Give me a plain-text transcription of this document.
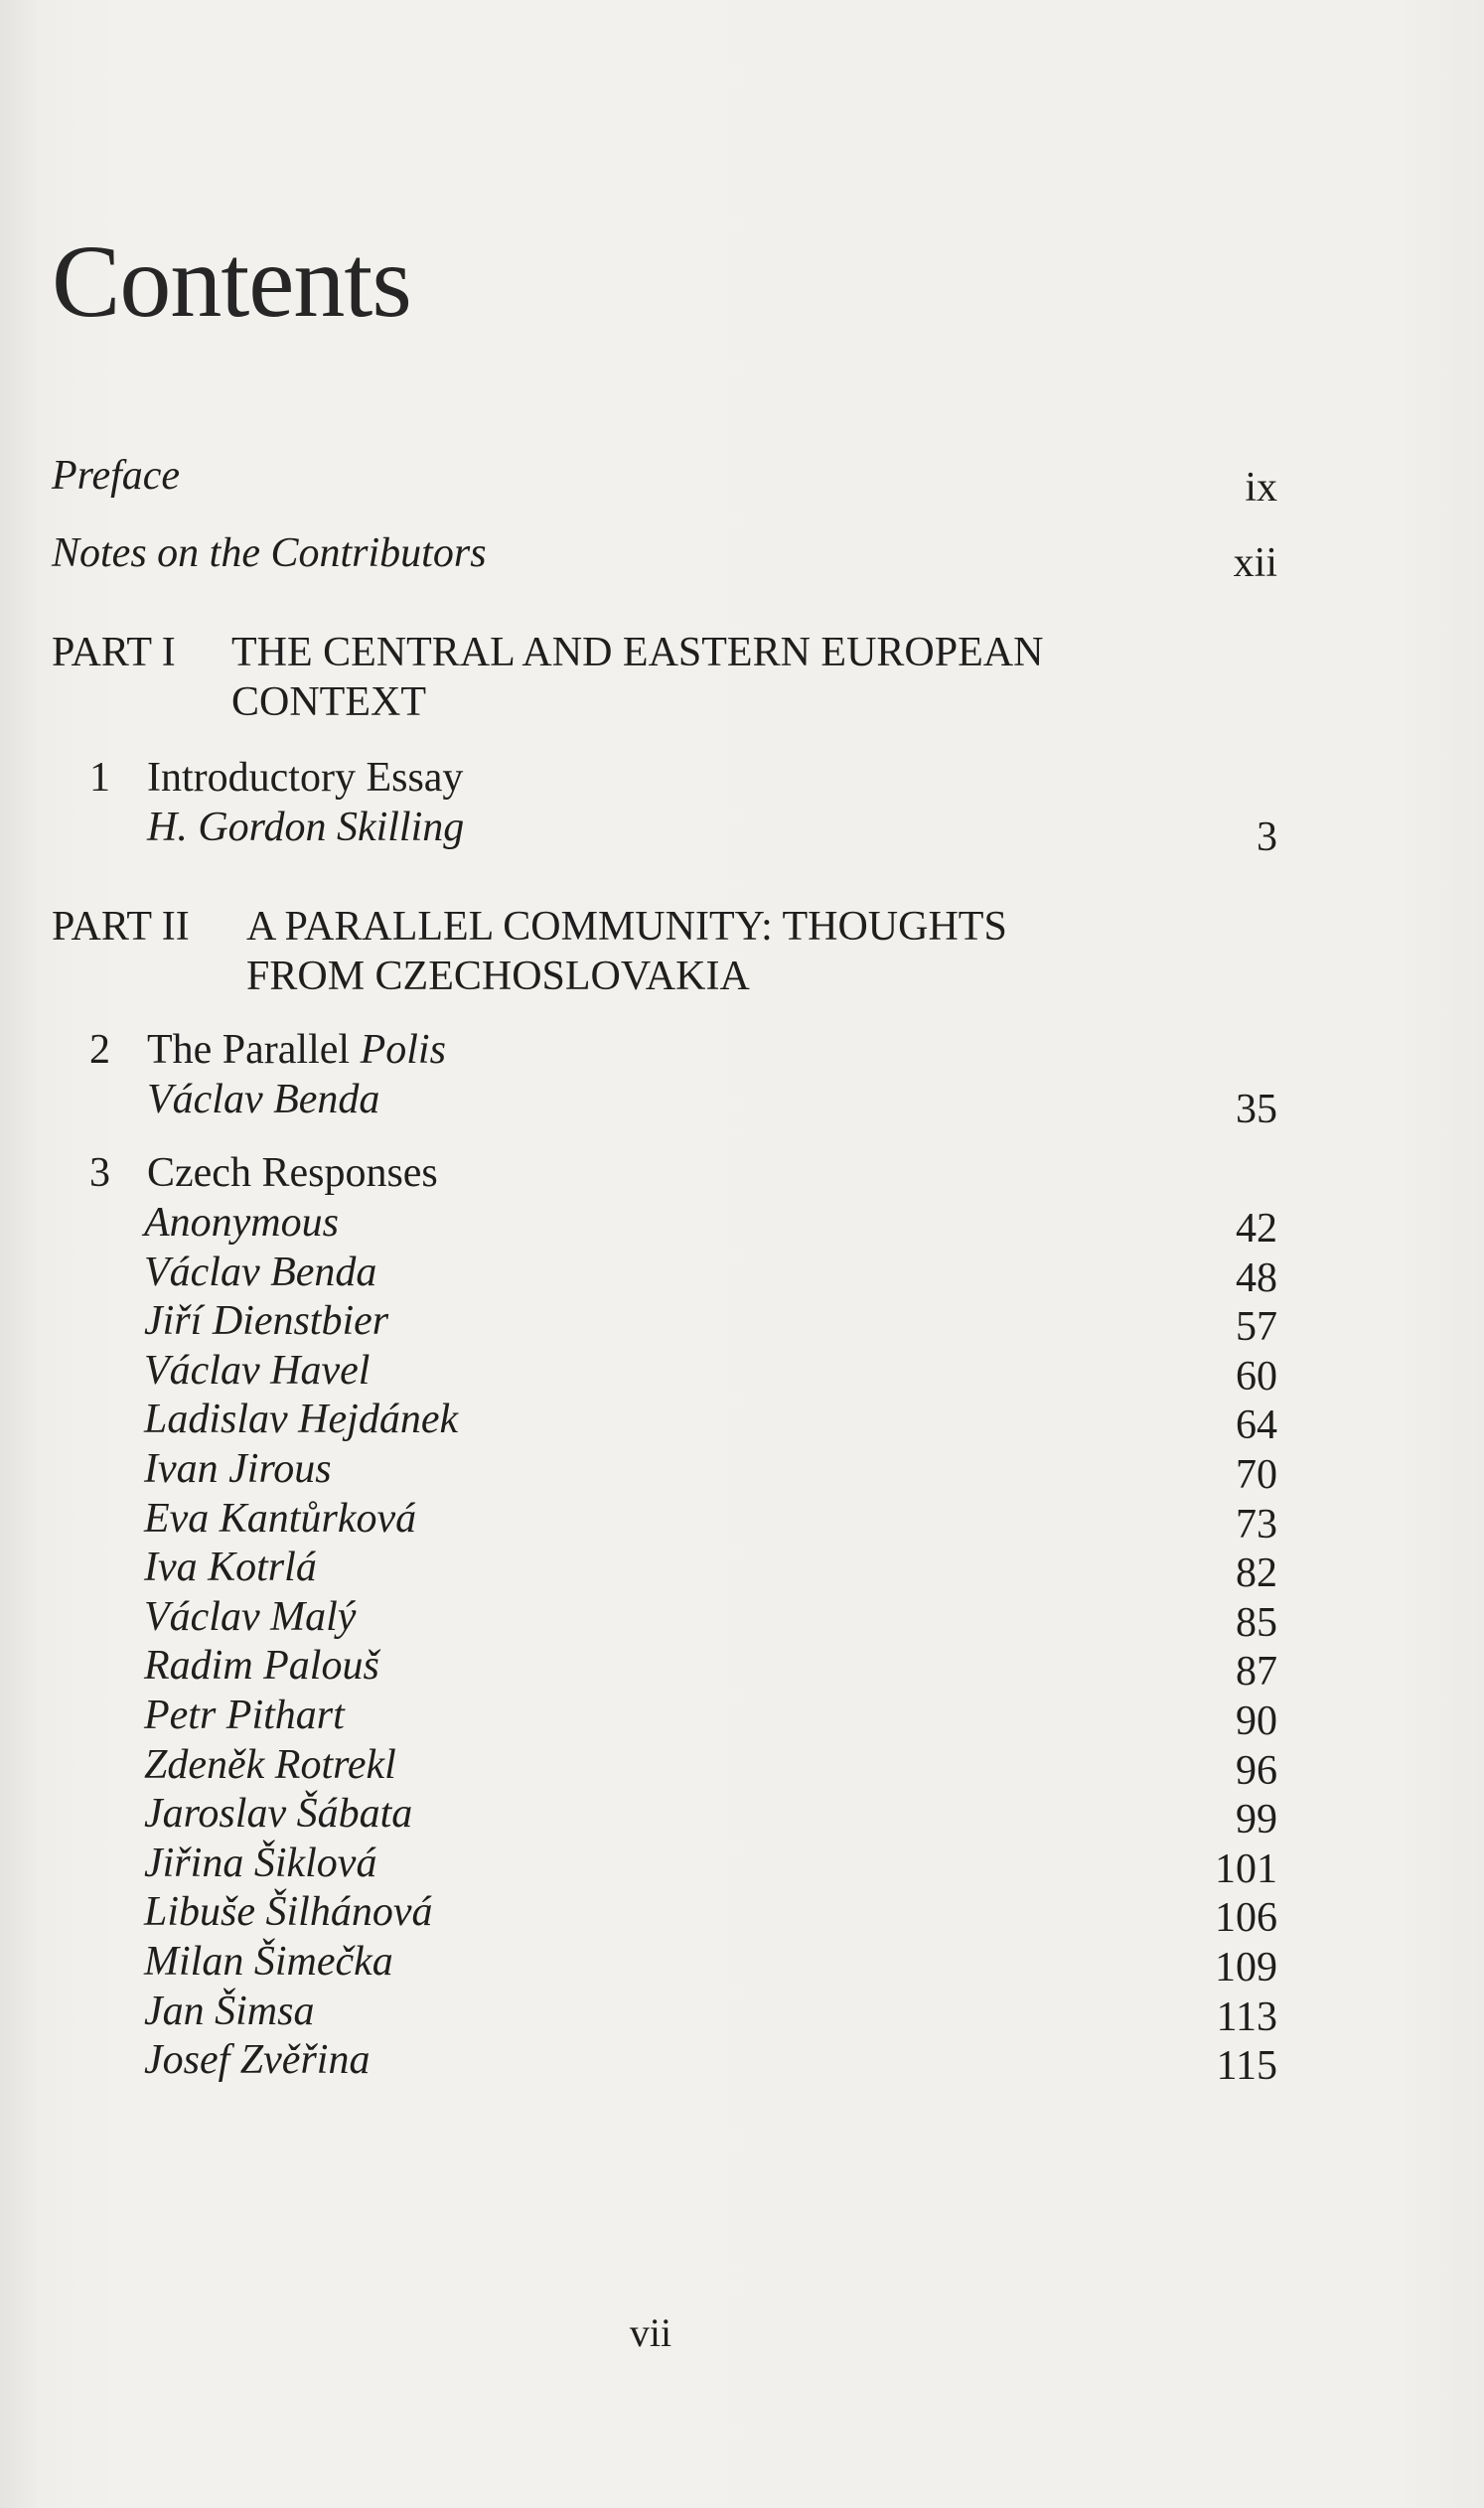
Contents
Preface	ix
Notes on the Contributors	xii
PART I THE CENTRAL AND EASTERN EUROPEAN
CONTEXT
1 Introductory Essay
H. Gordon Skilling	3
PART II A PARALLEL COMMUNITY: THOUGHTS
FROM CZECHOSLOVAKIA
2 The Parallel Polis
Václav Benda	35
3 Czech Responses
Anonymous	42
Václav Benda	48
Jiří Dienstbier	57
Václav Havel	60
Ladislav Hejdánek	64
Ivan Jirous	70
Eva Kantůrková	73
Iva Kotrlá	82
Václav Malý	85
Radim Palouš	87
Petr Pithart	90
Zdeněk Rotrekl	96
Jaroslav Šábata	99
Jiřina Šiklová	101
Libuše Šilhánová	106
Milan Šimečka	109
Jan Šimsa	113
Josef Zvěřina	115
vii
